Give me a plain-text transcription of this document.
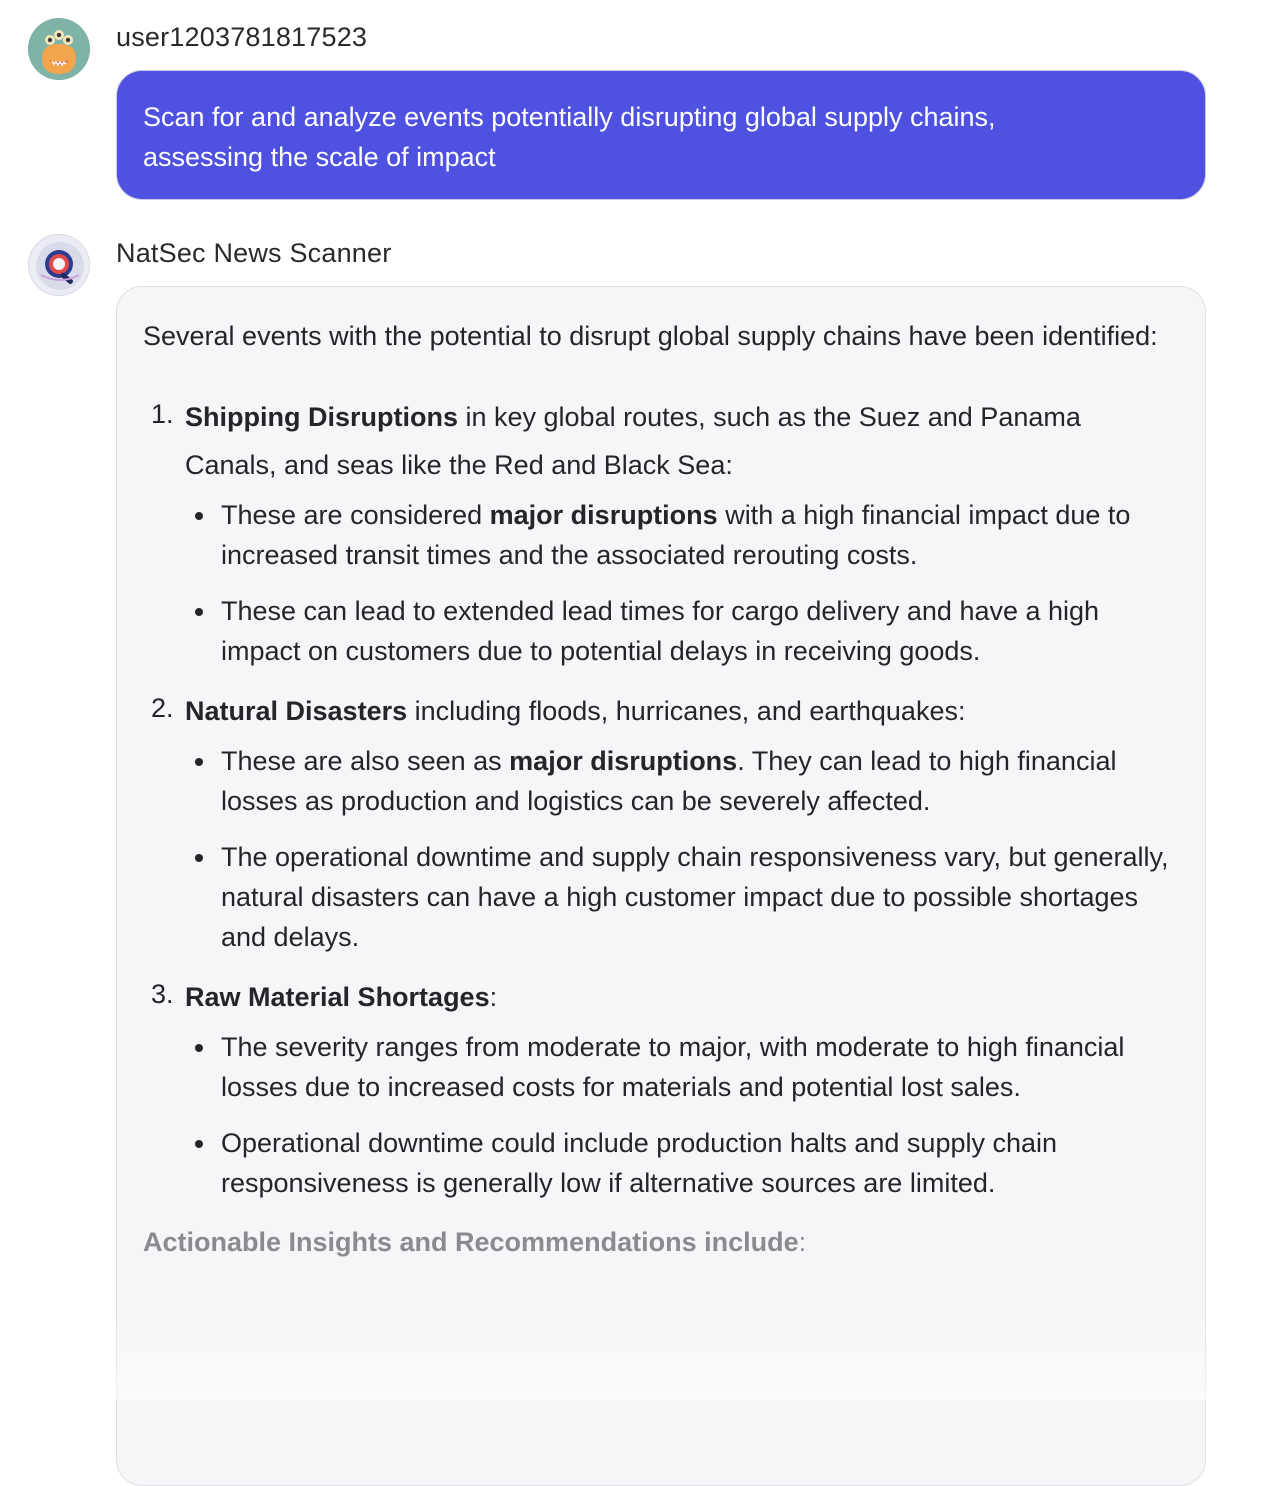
user1203781817523
Scan for and analyze events potentially disrupting global supply chains,
assessing the scale of impact
NatSec News Scanner

Several events with the potential to disrupt global supply chains have been identified:

1. Shipping Disruptions in key global routes, such as the Suez and Panama Canals, and seas like the Red and Black Sea:
These are considered major disruptions with a high financial impact due to increased transit times and the associated rerouting costs.
These can lead to extended lead times for cargo delivery and have a high impact on customers due to potential delays in receiving goods.
2. Natural Disasters including floods, hurricanes, and earthquakes:
These are also seen as major disruptions. They can lead to high financial losses as production and logistics can be severely affected.
The operational downtime and supply chain responsiveness vary, but generally, natural disasters can have a high customer impact due to possible shortages and delays.
3. Raw Material Shortages:
The severity ranges from moderate to major, with moderate to high financial losses due to increased costs for materials and potential lost sales.
Operational downtime could include production halts and supply chain responsiveness is generally low if alternative sources are limited.

Actionable Insights and Recommendations include:
